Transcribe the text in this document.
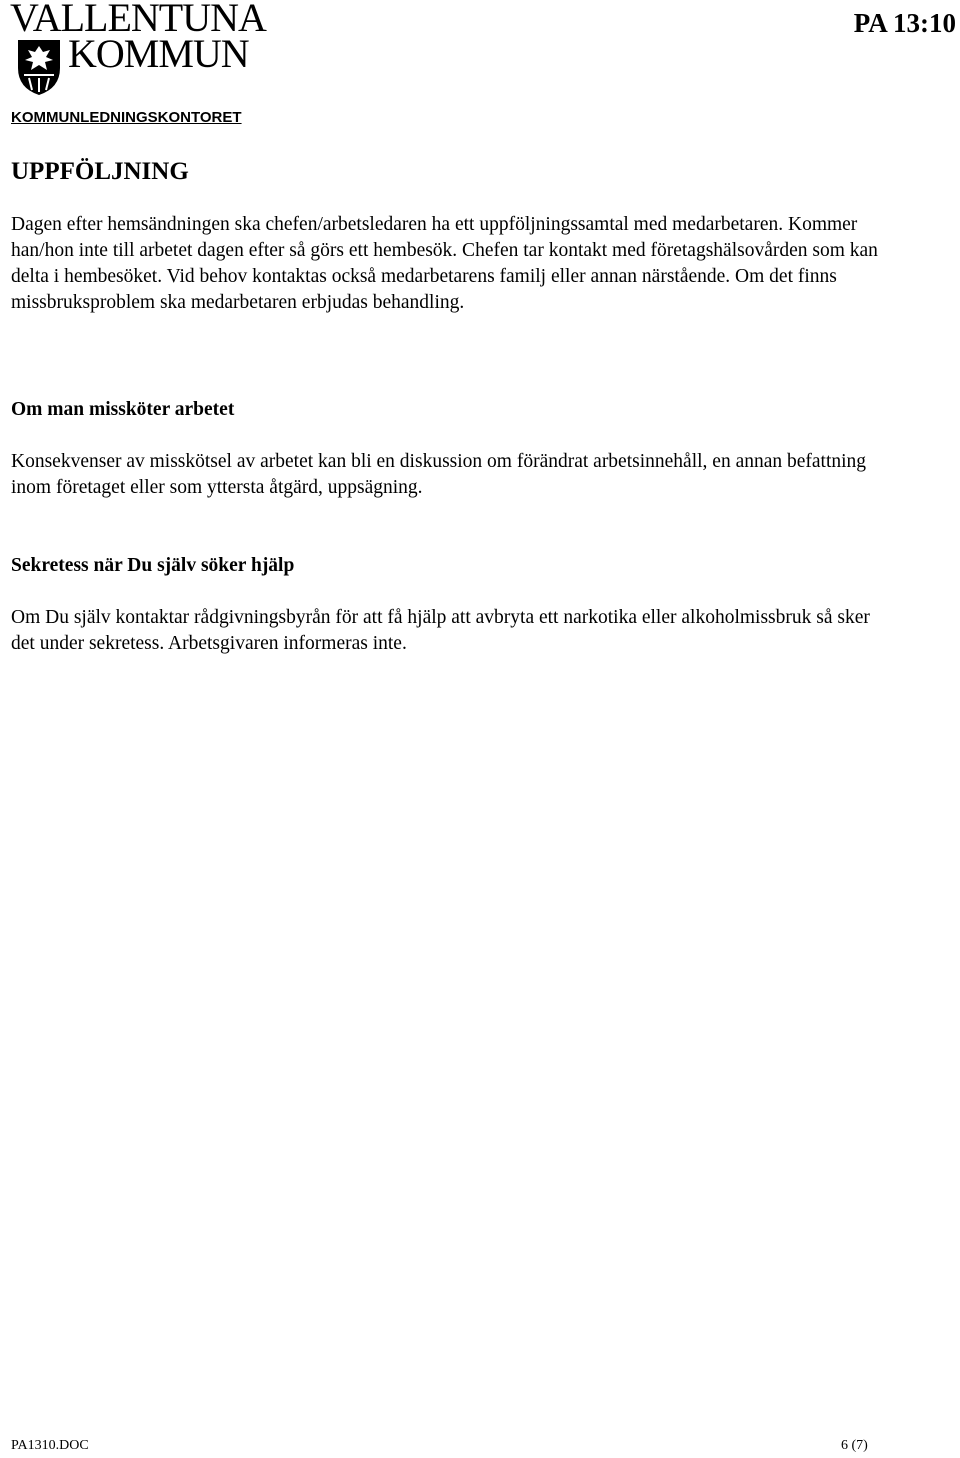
VALLENTUNA
KOMMUN
PA 13:10
KOMMUNLEDNINGSKONTORET
UPPFÖLJNING

Dagen efter hemsändningen ska chefen/arbetsledaren ha ett uppföljningssamtal med medarbetaren. Kommer han/hon inte till arbetet dagen efter så görs ett hembesök. Chefen tar kontakt med företagshälsovården som kan delta i hembesöket. Vid behov kontaktas också medarbetarens familj eller annan närstående. Om det finns missbruksproblem ska medarbetaren erbjudas behandling.

Om man missköter arbetet

Konsekvenser av misskötsel av arbetet kan bli en diskussion om förändrat arbetsinnehåll, en annan befattning inom företaget eller som yttersta åtgärd, uppsägning.

Sekretess när Du själv söker hjälp

Om Du själv kontaktar rådgivningsbyrån för att få hjälp att avbryta ett narkotika eller alkoholmissbruk så sker det under sekretess. Arbetsgivaren informeras inte.

PA1310.DOC	6 (7)
